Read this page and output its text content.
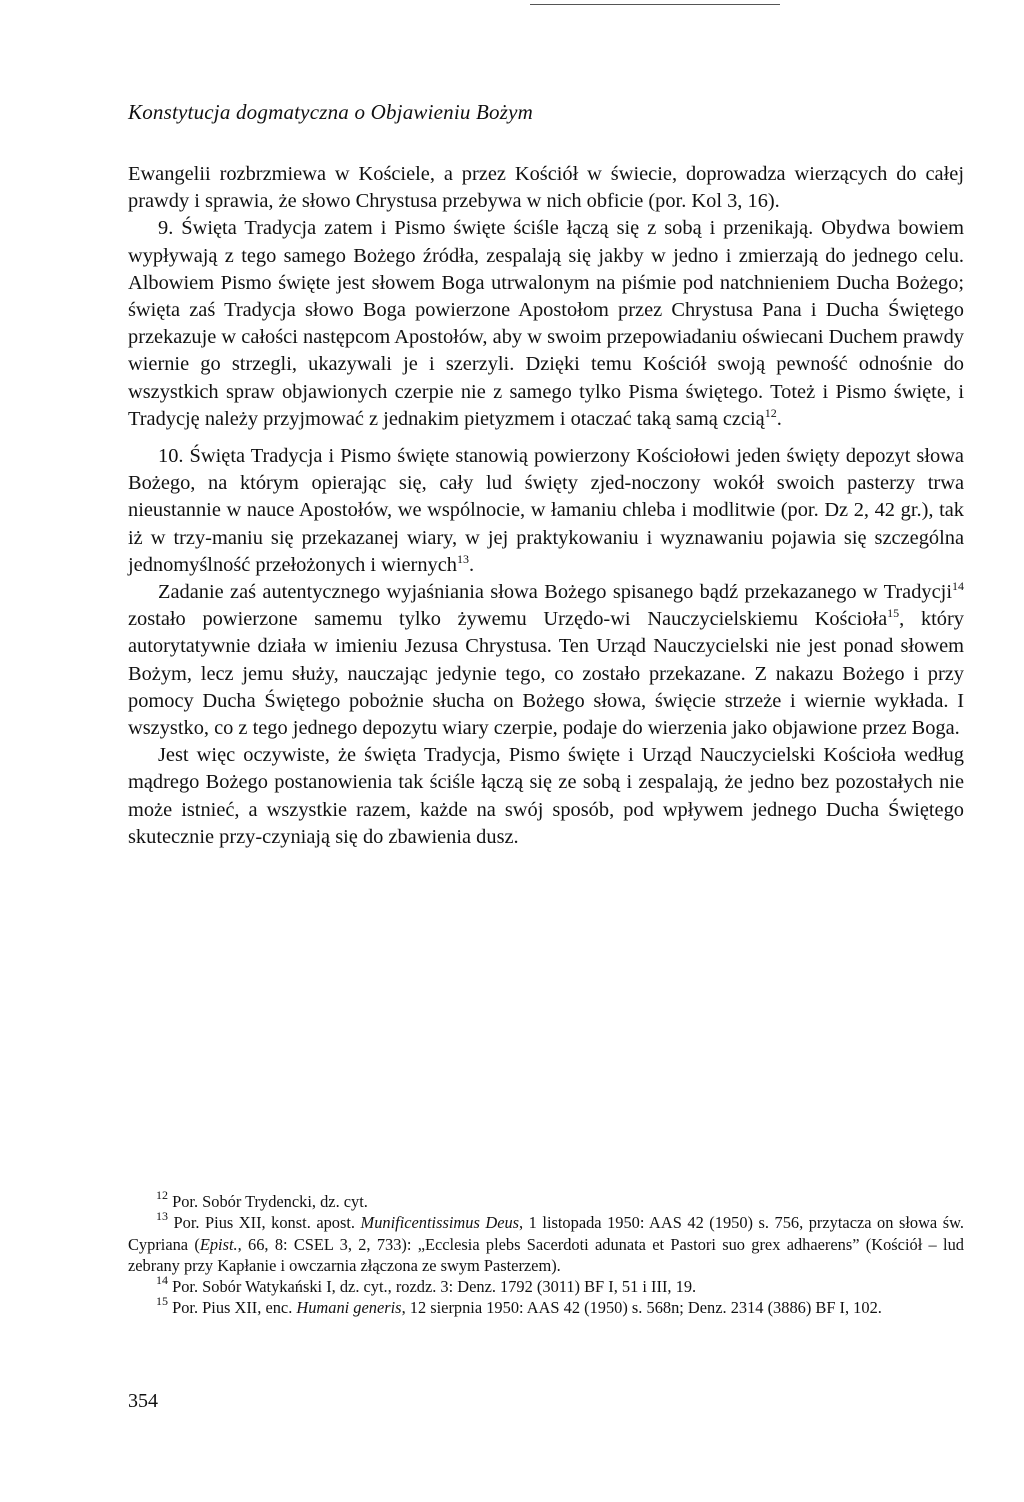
Konstytucja dogmatyczna o Objawieniu Bożym

Ewangelii rozbrzmiewa w Kościele, a przez Kościół w świecie, doprowadza wierzących do całej prawdy i sprawia, że słowo Chrystusa przebywa w nich obficie (por. Kol 3, 16).

9. Święta Tradycja zatem i Pismo święte ściśle łączą się z sobą i przenikają. Obydwa bowiem wypływają z tego samego Bożego źródła, zespalają się jakby w jedno i zmierzają do jednego celu. Albowiem Pismo święte jest słowem Boga utrwalonym na piśmie pod natchnieniem Ducha Bożego; święta zaś Tradycja słowo Boga powierzone Apostołom przez Chrystusa Pana i Ducha Świętego przekazuje w całości następcom Apostołów, aby w swoim przepowiadaniu oświecani Duchem prawdy wiernie go strzegli, ukazywali je i szerzyli. Dzięki temu Kościół swoją pewność odnośnie do wszystkich spraw objawionych czerpie nie z samego tylko Pisma świętego. Toteż i Pismo święte, i Tradycję należy przyjmować z jednakim pietyzmem i otaczać taką samą czcią$^{12}$.

10. Święta Tradycja i Pismo święte stanowią powierzony Kościołowi jeden święty depozyt słowa Bożego, na którym opierając się, cały lud święty zjed-noczony wokół swoich pasterzy trwa nieustannie w nauce Apostołów, we wspólnocie, w łamaniu chleba i modlitwie (por. Dz 2, 42 gr.), tak iż w trzy-maniu się przekazanej wiary, w jej praktykowaniu i wyznawaniu pojawia się szczególna jednomyślność przełożonych i wiernych$^{13}$.

Zadanie zaś autentycznego wyjaśniania słowa Bożego spisanego bądź przekazanego w Tradycji$^{14}$ zostało powierzone samemu tylko żywemu Urzędo-wi Nauczycielskiemu Kościoła$^{15}$, który autorytatywnie działa w imieniu Jezusa Chrystusa. Ten Urząd Nauczycielski nie jest ponad słowem Bożym, lecz jemu służy, nauczając jedynie tego, co zostało przekazane. Z nakazu Bożego i przy pomocy Ducha Świętego pobożnie słucha on Bożego słowa, święcie strzeże i wiernie wykłada. I wszystko, co z tego jednego depozytu wiary czerpie, podaje do wierzenia jako objawione przez Boga.

Jest więc oczywiste, że święta Tradycja, Pismo święte i Urząd Nauczycielski Kościoła według mądrego Bożego postanowienia tak ściśle łączą się ze sobą i zespalają, że jedno bez pozostałych nie może istnieć, a wszystkie razem, każde na swój sposób, pod wpływem jednego Ducha Świętego skutecznie przy-czyniają się do zbawienia dusz.

$^{12}$ Por. Sobór Trydencki, dz. cyt.

$^{13}$ Por. Pius XII, konst. apost. Munificentissimus Deus, 1 listopada 1950: AAS 42 (1950) s. 756, przytacza on słowa św. Cypriana (Epist., 66, 8: CSEL 3, 2, 733): „Ecclesia plebs Sacerdoti adunata et Pastori suo grex adhaerens” (Kościół – lud zebrany przy Kapłanie i owczarnia złączona ze swym Pasterzem).

$^{14}$ Por. Sobór Watykański I, dz. cyt., rozdz. 3: Denz. 1792 (3011) BF I, 51 i III, 19.

$^{15}$ Por. Pius XII, enc. Humani generis, 12 sierpnia 1950: AAS 42 (1950) s. 568n; Denz. 2314 (3886) BF I, 102.

354
